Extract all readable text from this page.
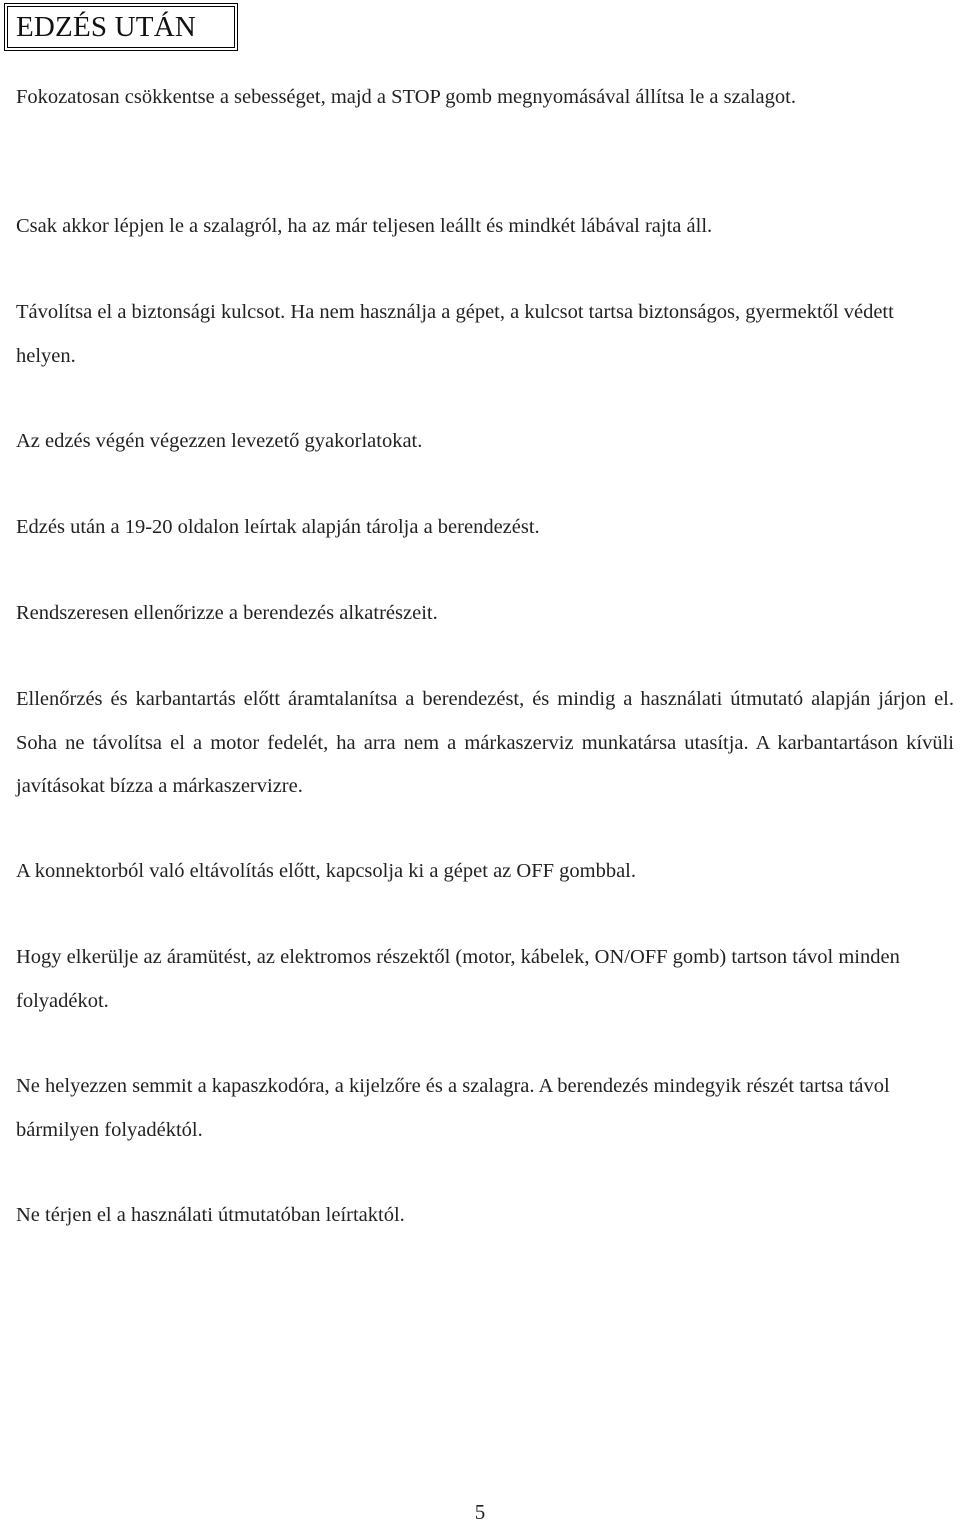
EDZÉS UTÁN

Fokozatosan csökkentse a sebességet, majd a STOP gomb megnyomásával állítsa le a szalagot.

Csak akkor lépjen le a szalagról, ha az már teljesen leállt és mindkét lábával rajta áll.

Távolítsa el a biztonsági kulcsot. Ha nem használja a gépet, a kulcsot tartsa biztonságos, gyermektől védett helyen.

Az edzés végén végezzen levezető gyakorlatokat.

Edzés után a 19-20 oldalon leírtak alapján tárolja a berendezést.

Rendszeresen ellenőrizze a berendezés alkatrészeit.

Ellenőrzés és karbantartás előtt áramtalanítsa a berendezést, és mindig a használati útmutató alapján járjon el. Soha ne távolítsa el a motor fedelét, ha arra nem a márkaszerviz munkatársa utasítja. A karbantartáson kívüli javításokat bízza a márkaszervizre.

A konnektorból való eltávolítás előtt, kapcsolja ki a gépet az OFF gombbal.

Hogy elkerülje az áramütést, az elektromos részektől (motor, kábelek, ON/OFF gomb) tartson távol minden folyadékot.

Ne helyezzen semmit a kapaszkodóra, a kijelzőre és a szalagra. A berendezés mindegyik részét tartsa távol bármilyen folyadéktól.

Ne térjen el a használati útmutatóban leírtaktól.

5
